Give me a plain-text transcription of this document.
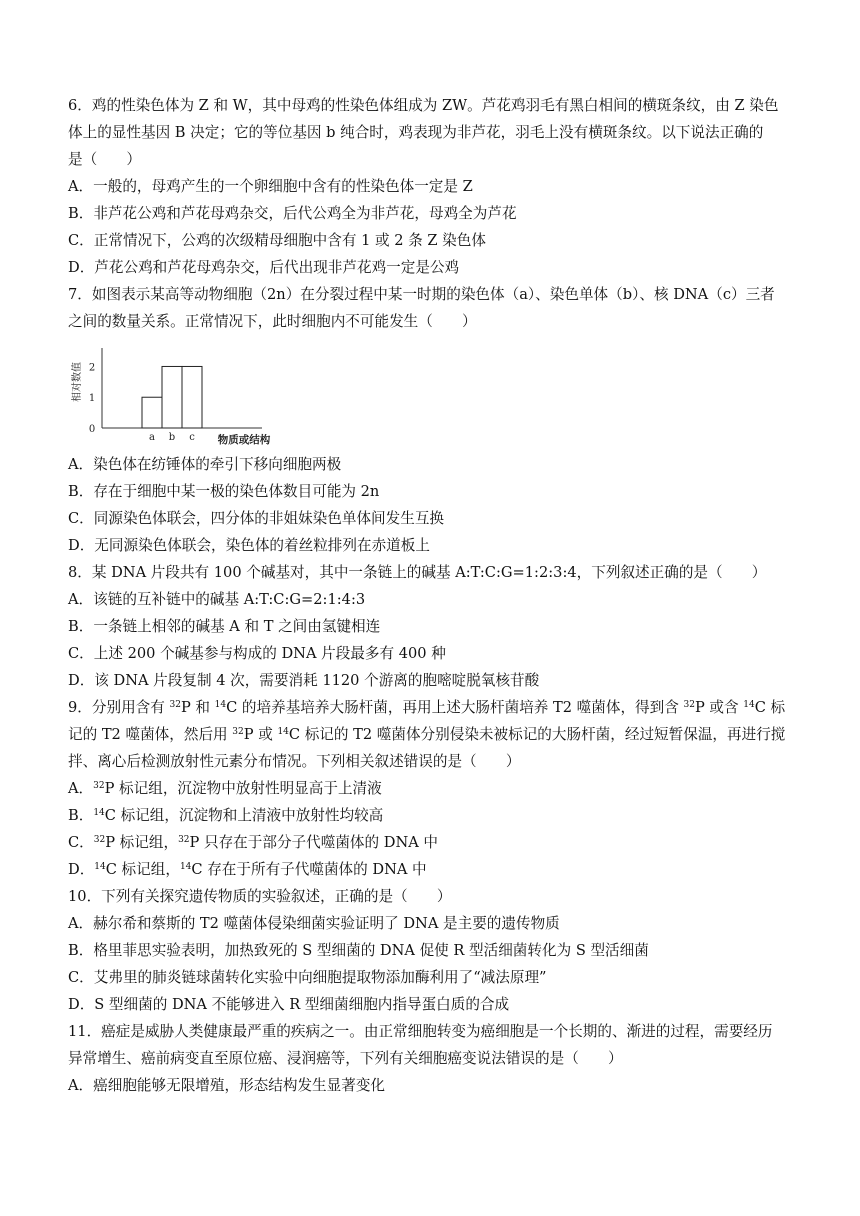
6．鸡的性染色体为 Z 和 W，其中母鸡的性染色体组成为 ZW。芦花鸡羽毛有黑白相间的横斑条纹，由 Z 染色
体上的显性基因 B 决定；它的等位基因 b 纯合时，鸡表现为非芦花，羽毛上没有横斑条纹。以下说法正确的
是（　　）
A．一般的，母鸡产生的一个卵细胞中含有的性染色体一定是 Z
B．非芦花公鸡和芦花母鸡杂交，后代公鸡全为非芦花，母鸡全为芦花
C．正常情况下，公鸡的次级精母细胞中含有 1 或 2 条 Z 染色体
D．芦花公鸡和芦花母鸡杂交，后代出现非芦花鸡一定是公鸡
7．如图表示某高等动物细胞（2n）在分裂过程中某一时期的染色体（a）、染色单体（b）、核 DNA（c）三者
之间的数量关系。正常情况下，此时细胞内不可能发生（　　）
相对数值
0
1
2
a b c 物质或结构
A．染色体在纺锤体的牵引下移向细胞两极
B．存在于细胞中某一极的染色体数目可能为 2n
C．同源染色体联会，四分体的非姐妹染色单体间发生互换
D．无同源染色体联会，染色体的着丝粒排列在赤道板上
8．某 DNA 片段共有 100 个碱基对，其中一条链上的碱基 A:T:C:G=1:2:3:4，下列叙述正确的是（　　）
A．该链的互补链中的碱基 A:T:C:G=2:1:4:3
B．一条链上相邻的碱基 A 和 T 之间由氢键相连
C．上述 200 个碱基参与构成的 DNA 片段最多有 400 种
D．该 DNA 片段复制 4 次，需要消耗 1120 个游离的胞嘧啶脱氧核苷酸
9．分别用含有 $^{32}$P 和 $^{14}$C 的培养基培养大肠杆菌，再用上述大肠杆菌培养 T2 噬菌体，得到含 $^{32}$P 或含 $^{14}$C 标
记的 T2 噬菌体，然后用 $^{32}$P 或 $^{14}$C 标记的 T2 噬菌体分别侵染未被标记的大肠杆菌，经过短暂保温，再进行搅
拌、离心后检测放射性元素分布情况。下列相关叙述错误的是（　　）
A．$^{32}$P 标记组，沉淀物中放射性明显高于上清液
B．$^{14}$C 标记组，沉淀物和上清液中放射性均较高
C．$^{32}$P 标记组，$^{32}$P 只存在于部分子代噬菌体的 DNA 中
D．$^{14}$C 标记组，$^{14}$C 存在于所有子代噬菌体的 DNA 中
10．下列有关探究遗传物质的实验叙述，正确的是（　　）
A．赫尔希和蔡斯的 T2 噬菌体侵染细菌实验证明了 DNA 是主要的遗传物质
B．格里菲思实验表明，加热致死的 S 型细菌的 DNA 促使 R 型活细菌转化为 S 型活细菌
C．艾弗里的肺炎链球菌转化实验中向细胞提取物添加酶利用了“减法原理”
D．S 型细菌的 DNA 不能够进入 R 型细菌细胞内指导蛋白质的合成
11．癌症是威胁人类健康最严重的疾病之一。由正常细胞转变为癌细胞是一个长期的、渐进的过程，需要经历
异常增生、癌前病变直至原位癌、浸润癌等，下列有关细胞癌变说法错误的是（　　）
A．癌细胞能够无限增殖，形态结构发生显著变化
